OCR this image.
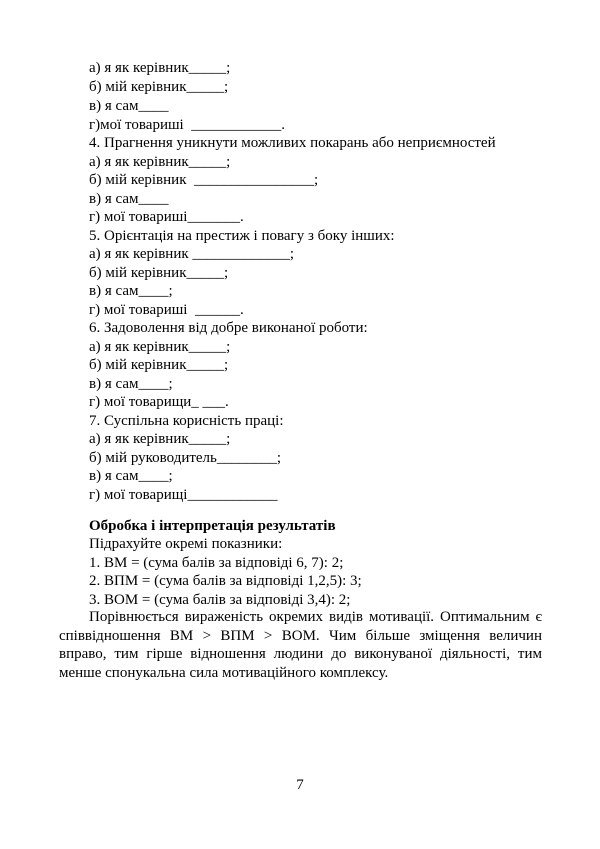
а) я як керівник_____;
б) мій керівник_____;
в) я сам____
г)мої товариші  ____________.
4. Прагнення уникнути можливих покарань або неприємностей
а) я як керівник_____;
б) мій керівник  ________________;
в) я сам____
г) мої товариші_______.
5. Орієнтація на престиж і повагу з боку інших:
а) я як керівник _____________;
б) мій керівник_____;
в) я сам____;
г) мої товариші  ______.
6. Задоволення від добре виконаної роботи:
а) я як керівник_____;
б) мій керівник_____;
в) я сам____;
г) мої товарищи_ ___.
7. Суспільна корисність праці:
а) я як керівник_____;
б) мій руководитель________;
в) я сам____;
г) мої товарищі____________
Обробка і інтерпретація результатів
Підрахуйте окремі показники:
1. ВМ = (сума балів за відповіді 6, 7): 2;
2. ВПМ = (сума балів за відповіді 1,2,5): 3;
3. ВОМ = (сума балів за відповіді 3,4): 2;
Порівнюється вираженість окремих видів мотивації. Оптимальним є співвідношення ВМ > ВПМ > ВОМ. Чим більше зміщення величин вправо, тим гірше відношення людини до виконуваної діяльності, тим менше спонукальна сила мотиваційного комплексу.
7
